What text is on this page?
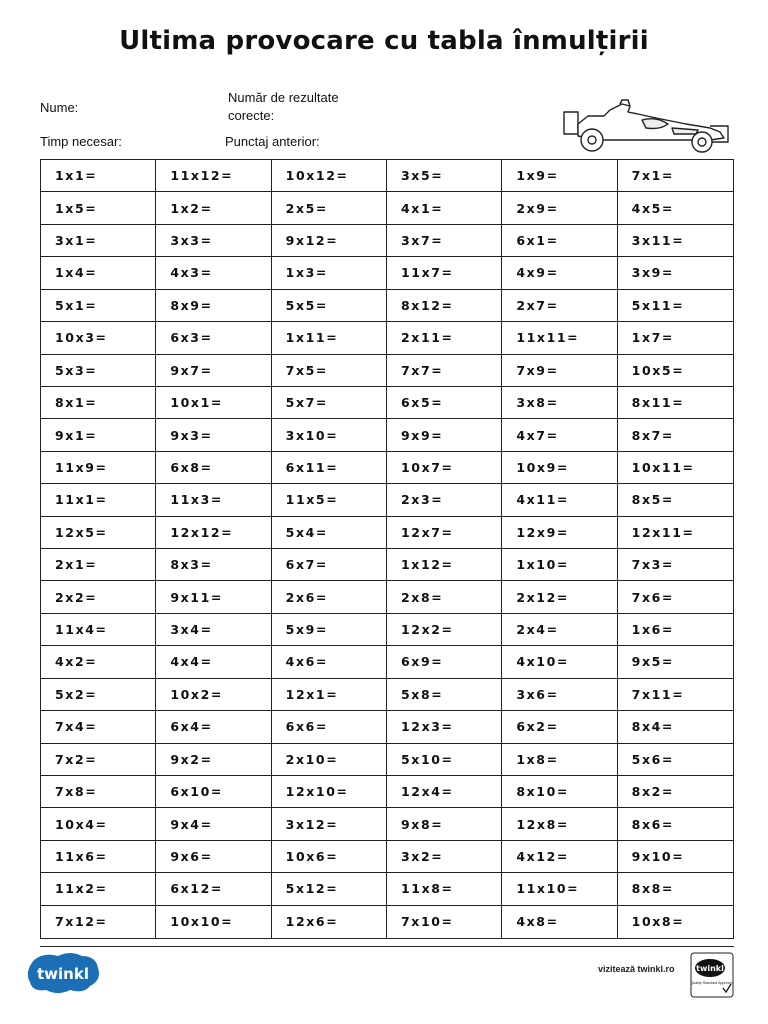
Ultima provocare cu tabla înmulțirii
Nume:
Număr de rezultate
corecte:
Timp necesar:	Punctaj anterior:
1x1=	11x12=	10x12=	3x5=	1x9=	7x1=
1x5=	1x2=	2x5=	4x1=	2x9=	4x5=
3x1=	3x3=	9x12=	3x7=	6x1=	3x11=
1x4=	4x3=	1x3=	11x7=	4x9=	3x9=
5x1=	8x9=	5x5=	8x12=	2x7=	5x11=
10x3=	6x3=	1x11=	2x11=	11x11=	1x7=
5x3=	9x7=	7x5=	7x7=	7x9=	10x5=
8x1=	10x1=	5x7=	6x5=	3x8=	8x11=
9x1=	9x3=	3x10=	9x9=	4x7=	8x7=
11x9=	6x8=	6x11=	10x7=	10x9=	10x11=
11x1=	11x3=	11x5=	2x3=	4x11=	8x5=
12x5=	12x12=	5x4=	12x7=	12x9=	12x11=
2x1=	8x3=	6x7=	1x12=	1x10=	7x3=
2x2=	9x11=	2x6=	2x8=	2x12=	7x6=
11x4=	3x4=	5x9=	12x2=	2x4=	1x6=
4x2=	4x4=	4x6=	6x9=	4x10=	9x5=
5x2=	10x2=	12x1=	5x8=	3x6=	7x11=
7x4=	6x4=	6x6=	12x3=	6x2=	8x4=
7x2=	9x2=	2x10=	5x10=	1x8=	5x6=
7x8=	6x10=	12x10=	12x4=	8x10=	8x2=
10x4=	9x4=	3x12=	9x8=	12x8=	8x6=
11x6=	9x6=	10x6=	3x2=	4x12=	9x10=
11x2=	6x12=	5x12=	11x8=	11x10=	8x8=
7x12=	10x10=	12x6=	7x10=	4x8=	10x8=
twinkl	vizitează twinkl.ro	twinkl
Quality Standard Approved
